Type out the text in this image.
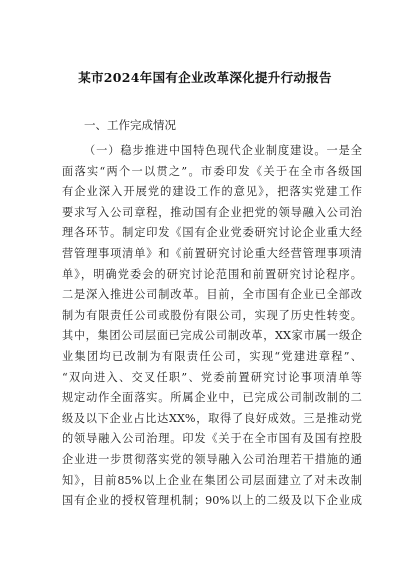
某市2024年国有企业改革深化提升行动报告
一、工作完成情况
（一）稳步推进中国特色现代企业制度建设。一是全
面落实“两个一以贯之”。市委印发《关于在全市各级国
有企业深入开展党的建设工作的意见》，把落实党建工作
要求写入公司章程，推动国有企业把党的领导融入公司治
理各环节。制定印发《国有企业党委研究讨论企业重大经
营管理事项清单》和《前置研究讨论重大经营管理事项清
单》，明确党委会的研究讨论范围和前置研究讨论程序。
二是深入推进公司制改革。目前，全市国有企业已全部改
制为有限责任公司或股份有限公司，实现了历史性转变。
其中，集团公司层面已完成公司制改革，XX家市属一级企
业集团均已改制为有限责任公司，实现“党建进章程”、
“双向进入、交叉任职”、党委前置研究讨论事项清单等
规定动作全面落实。所属企业中，已完成公司制改制的二
级及以下企业占比达XX%，取得了良好成效。三是推动党
的领导融入公司治理。印发《关于在全市国有及国有控股
企业进一步贯彻落实党的领导融入公司治理若干措施的通
知》，目前85%以上企业在集团公司层面建立了对未改制
国有企业的授权管理机制；90%以上的二级及以下企业成
